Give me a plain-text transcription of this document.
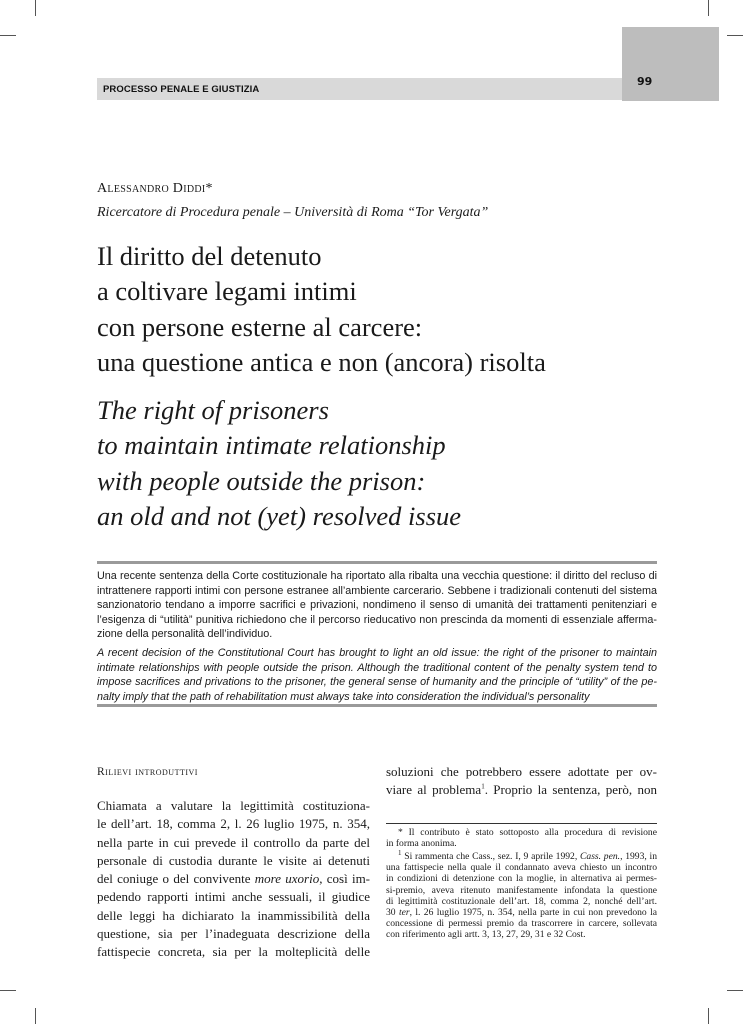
PROCESSO PENALE E GIUSTIZIA
99
Alessandro Diddi*
Ricercatore di Procedura penale – Università di Roma “Tor Vergata”
Il diritto del detenuto
a coltivare legami intimi
con persone esterne al carcere:
una questione antica e non (ancora) risolta
The right of prisoners
to maintain intimate relationship
with people outside the prison:
an old and not (yet) resolved issue
Una recente sentenza della Corte costituzionale ha riportato alla ribalta una vecchia questione: il diritto del recluso di
intrattenere rapporti intimi con persone estranee all’ambiente carcerario. Sebbene i tradizionali contenuti del sistema
sanzionatorio tendano a imporre sacrifici e privazioni, nondimeno il senso di umanità dei trattamenti penitenziari e
l’esigenza di “utilità” punitiva richiedono che il percorso rieducativo non prescinda da momenti di essenziale afferma-
zione della personalità dell’individuo.
A recent decision of the Constitutional Court has brought to light an old issue: the right of the prisoner to maintain
intimate relationships with people outside the prison. Although the traditional content of the penalty system tend to
impose sacrifices and privations to the prisoner, the general sense of humanity and the principle of “utility” of the pe-
nalty imply that the path of rehabilitation must always take into consideration the individual’s personality
Rilievi introduttivi
Chiamata a valutare la legittimità costituziona-
le dell’art. 18, comma 2, l. 26 luglio 1975, n. 354,
nella parte in cui prevede il controllo da parte del
personale di custodia durante le visite ai detenuti
del coniuge o del convivente more uxorio, così im-
pedendo rapporti intimi anche sessuali, il giudice
delle leggi ha dichiarato la inammissibilità della
questione, sia per l’inadeguata descrizione della
fattispecie concreta, sia per la molteplicità delle
soluzioni che potrebbero essere adottate per ov-
viare al problema$^1$. Proprio la sentenza, però, non
* Il contributo è stato sottoposto alla procedura di revisione
in forma anonima.
$^1$ Si rammenta che Cass., sez. I, 9 aprile 1992, Cass. pen., 1993, in
una fattispecie nella quale il condannato aveva chiesto un incontro
in condizioni di detenzione con la moglie, in alternativa ai permes-
si-premio, aveva ritenuto manifestamente infondata la questione
di legittimità costituzionale dell’art. 18, comma 2, nonché dell’art.
30 ter, l. 26 luglio 1975, n. 354, nella parte in cui non prevedono la
concessione di permessi premio da trascorrere in carcere, sollevata
con riferimento agli artt. 3, 13, 27, 29, 31 e 32 Cost.
